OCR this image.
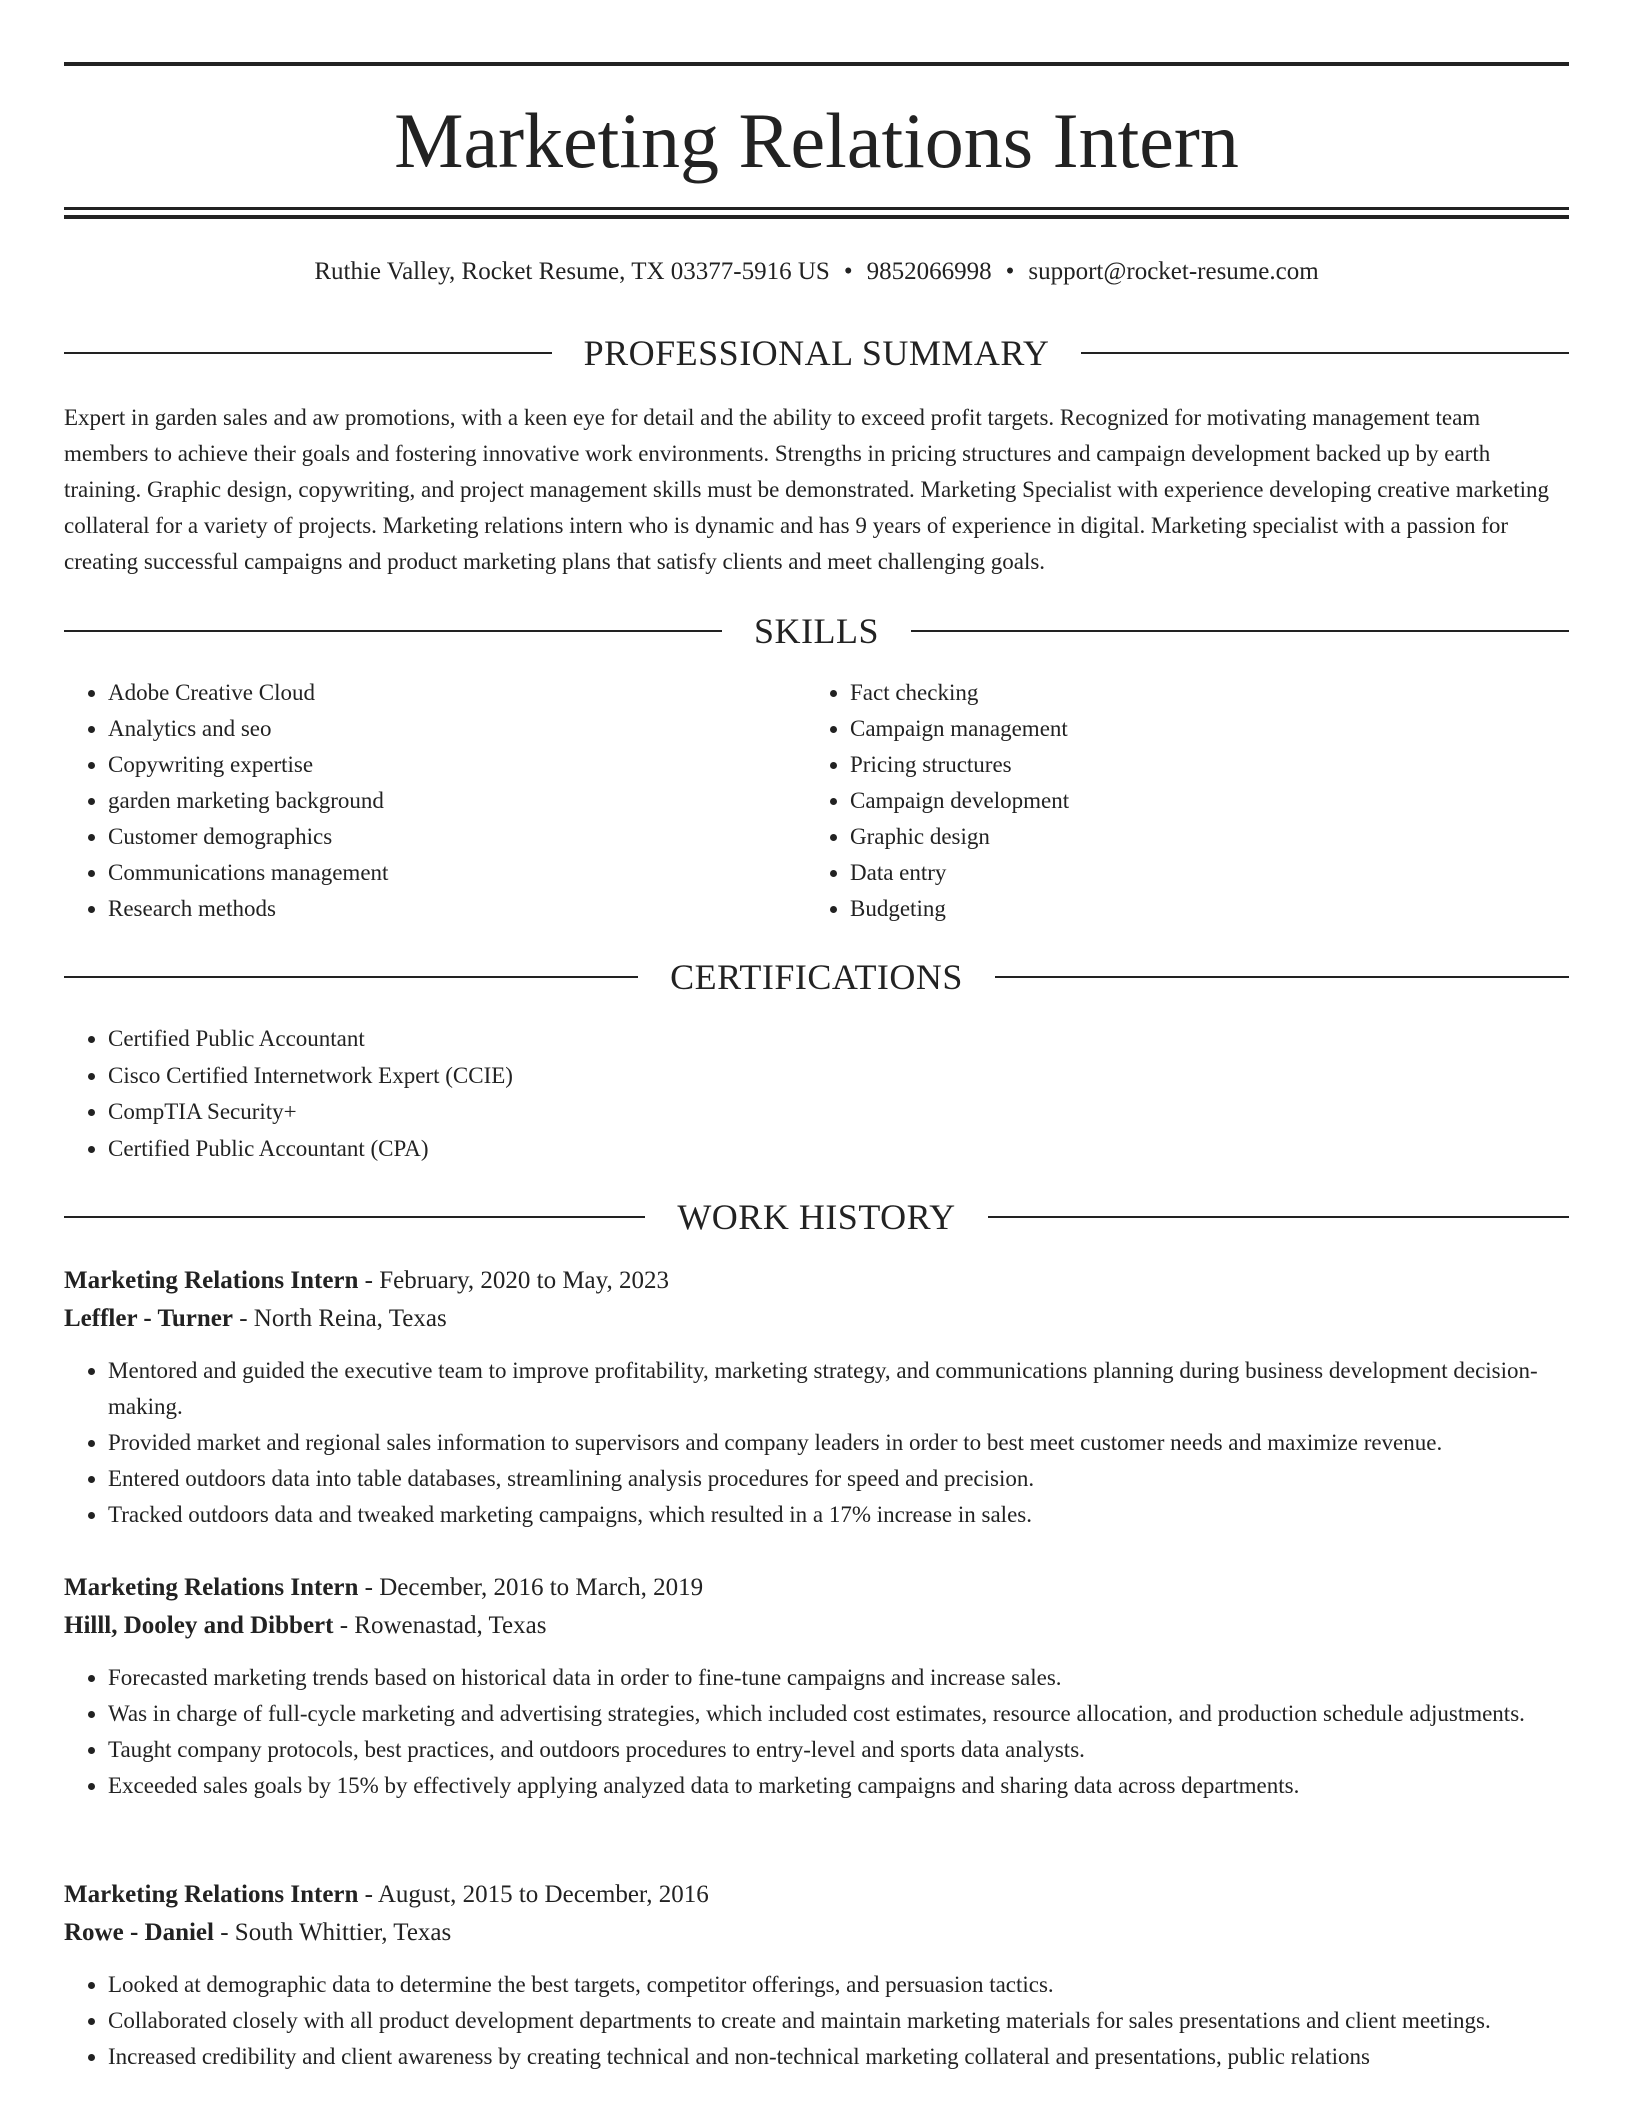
Marketing Relations Intern
Ruthie Valley, Rocket Resume, TX 03377-5916 US • 9852066998 • support@rocket-resume.com
PROFESSIONAL SUMMARY

Expert in garden sales and aw promotions, with a keen eye for detail and the ability to exceed profit targets. Recognized for motivating management team members to achieve their goals and fostering innovative work environments. Strengths in pricing structures and campaign development backed up by earth training. Graphic design, copywriting, and project management skills must be demonstrated. Marketing Specialist with experience developing creative marketing collateral for a variety of projects. Marketing relations intern who is dynamic and has 9 years of experience in digital. Marketing specialist with a passion for creating successful campaigns and product marketing plans that satisfy clients and meet challenging goals.

SKILLS
• Adobe Creative Cloud
• Analytics and seo
• Copywriting expertise
• garden marketing background
• Customer demographics
• Communications management
• Research methods
• Fact checking
• Campaign management
• Pricing structures
• Campaign development
• Graphic design
• Data entry
• Budgeting
CERTIFICATIONS
• Certified Public Accountant
• Cisco Certified Internetwork Expert (CCIE)
• CompTIA Security+
• Certified Public Accountant (CPA)
WORK HISTORY
Marketing Relations Intern - February, 2020 to May, 2023
Leffler - Turner - North Reina, Texas
• Mentored and guided the executive team to improve profitability, marketing strategy, and communications planning during business development decision-making.
• Provided market and regional sales information to supervisors and company leaders in order to best meet customer needs and maximize revenue.
• Entered outdoors data into table databases, streamlining analysis procedures for speed and precision.
• Tracked outdoors data and tweaked marketing campaigns, which resulted in a 17% increase in sales.
Marketing Relations Intern - December, 2016 to March, 2019
Hilll, Dooley and Dibbert - Rowenastad, Texas
• Forecasted marketing trends based on historical data in order to fine-tune campaigns and increase sales.
• Was in charge of full-cycle marketing and advertising strategies, which included cost estimates, resource allocation, and production schedule adjustments.
• Taught company protocols, best practices, and outdoors procedures to entry-level and sports data analysts.
• Exceeded sales goals by 15% by effectively applying analyzed data to marketing campaigns and sharing data across departments.
Marketing Relations Intern - August, 2015 to December, 2016
Rowe - Daniel - South Whittier, Texas
• Looked at demographic data to determine the best targets, competitor offerings, and persuasion tactics.
• Collaborated closely with all product development departments to create and maintain marketing materials for sales presentations and client meetings.
• Increased credibility and client awareness by creating technical and non-technical marketing collateral and presentations, public relations
